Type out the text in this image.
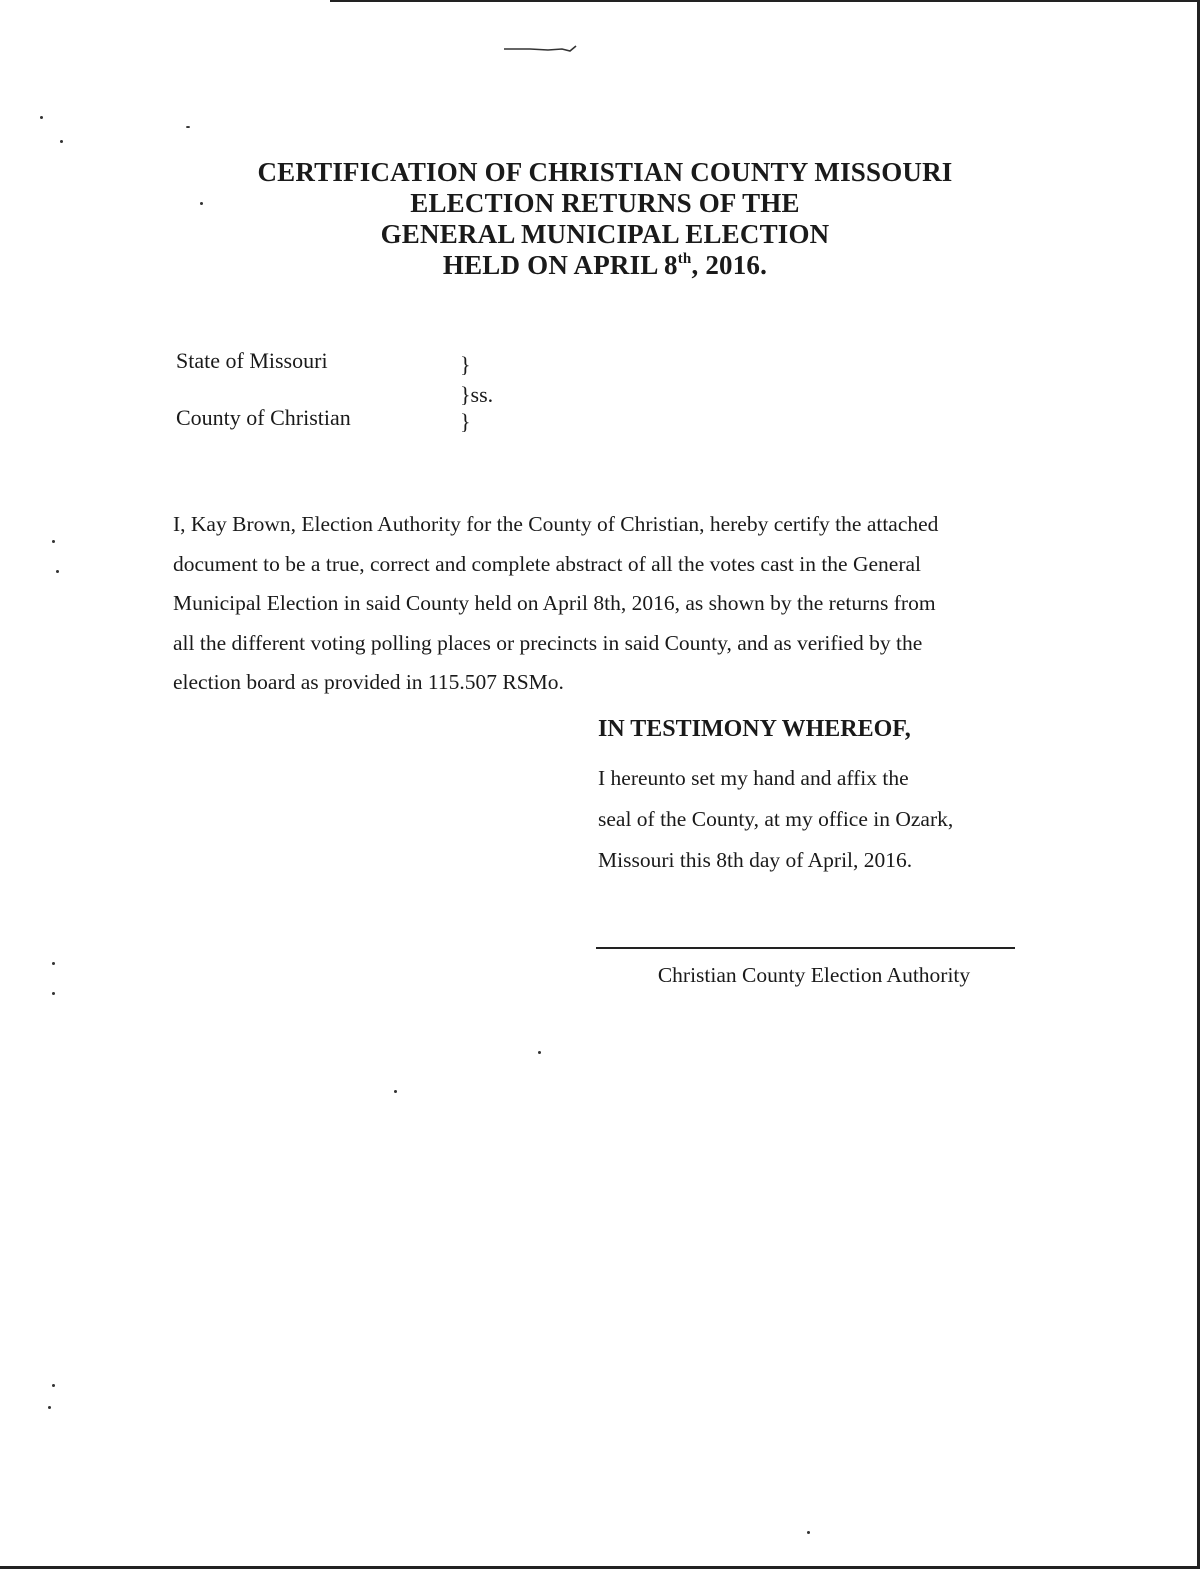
CERTIFICATION OF CHRISTIAN COUNTY MISSOURI
ELECTION RETURNS OF THE
GENERAL MUNICIPAL ELECTION
HELD ON APRIL 8th, 2016.
State of Missouri	}
}ss.
County of Christian	}
I, Kay Brown, Election Authority for the County of Christian, hereby certify the attached
document to be a true, correct and complete abstract of all the votes cast in the General
Municipal Election in said County held on April 8th, 2016, as shown by the returns from
all the different voting polling places or precincts in said County, and as verified by the
election board as provided in 115.507 RSMo.
IN TESTIMONY WHEREOF,
I hereunto set my hand and affix the
seal of the County, at my office in Ozark,
Missouri this 8th day of April, 2016.
Christian County Election Authority
